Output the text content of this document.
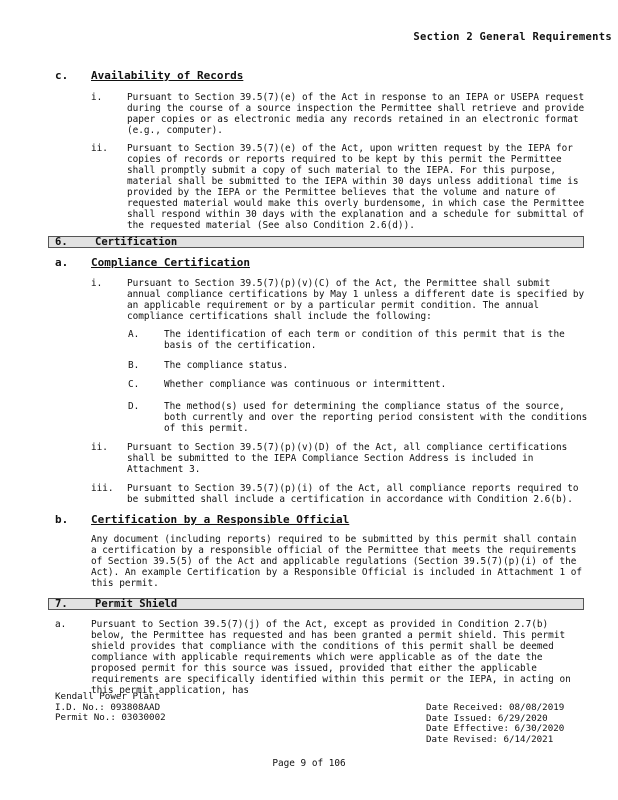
Section 2 General Requirements
c. Availability of Records
i.	Pursuant to Section 39.5(7)(e) of the Act in response to an IEPA or USEPA request during the course of a source inspection the Permittee shall retrieve and provide paper copies or as electronic media any records retained in an electronic format (e.g., computer).
ii. Pursuant to Section 39.5(7)(e) of the Act, upon written request by the IEPA for copies of records or reports required to be kept by this permit the Permittee shall promptly submit a copy of such material to the IEPA. For this purpose, material shall be submitted to the IEPA within 30 days unless additional time is provided by the IEPA or the Permittee believes that the volume and nature of requested material would make this overly burdensome, in which case the Permittee shall respond within 30 days with the explanation and a schedule for submittal of the requested material (See also Condition 2.6(d)).
6.	Certification
a. Compliance Certification
i.	Pursuant to Section 39.5(7)(p)(v)(C) of the Act, the Permittee shall submit annual compliance certifications by May 1 unless a different date is specified by an applicable requirement or by a particular permit condition. The annual compliance certifications shall include the following:
A.	The identification of each term or condition of this permit that is the basis of the certification.
B.	The compliance status.
C.	Whether compliance was continuous or intermittent.
D.	The method(s) used for determining the compliance status of the source, both currently and over the reporting period consistent with the conditions of this permit.
ii. Pursuant to Section 39.5(7)(p)(v)(D) of the Act, all compliance certifications shall be submitted to the IEPA Compliance Section Address is included in Attachment 3.
iii. Pursuant to Section 39.5(7)(p)(i) of the Act, all compliance reports required to be submitted shall include a certification in accordance with Condition 2.6(b).
b. Certification by a Responsible Official
Any document (including reports) required to be submitted by this permit shall contain a certification by a responsible official of the Permittee that meets the requirements of Section 39.5(5) of the Act and applicable regulations (Section 39.5(7)(p)(i) of the Act). An example Certification by a Responsible Official is included in Attachment 1 of this permit.
7.	Permit Shield
a.	Pursuant to Section 39.5(7)(j) of the Act, except as provided in Condition 2.7(b) below, the Permittee has requested and has been granted a permit shield. This permit shield provides that compliance with the conditions of this permit shall be deemed compliance with applicable requirements which were applicable as of the date the proposed permit for this source was issued, provided that either the applicable requirements are specifically identified within this permit or the IEPA, in acting on this permit application, has
Kendall Power Plant
I.D. No.: 093808AAD
Permit No.: 03030002
Date Received: 08/08/2019
Date Issued: 6/29/2020
Date Effective: 6/30/2020
Date Revised: 6/14/2021
Page 9 of 106
